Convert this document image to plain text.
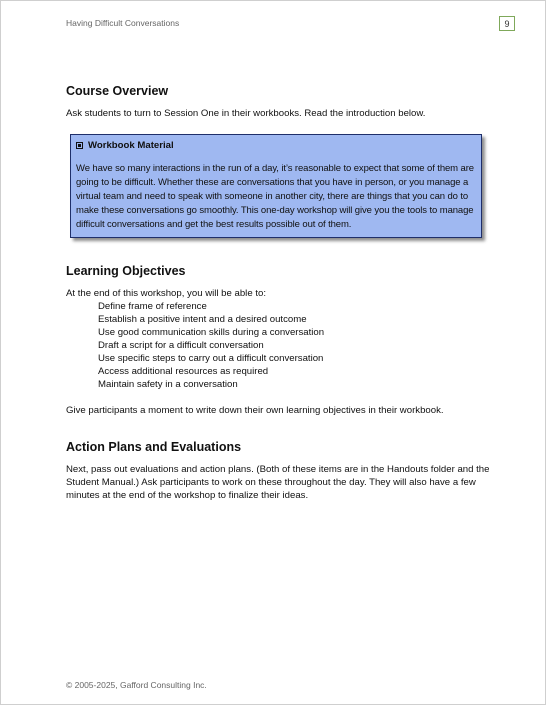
Having Difficult Conversations	9
Course Overview

Ask students to turn to Session One in their workbooks. Read the introduction below.

Workbook Material
We have so many interactions in the run of a day, it’s reasonable to expect that some of them are going to be difficult. Whether these are conversations that you have in person, or you manage a virtual team and need to speak with someone in another city, there are things that you can do to make these conversations go smoothly. This one-day workshop will give you the tools to manage difficult conversations and get the best results possible out of them.
Learning Objectives

At the end of this workshop, you will be able to:

Define frame of reference
Establish a positive intent and a desired outcome
Use good communication skills during a conversation
Draft a script for a difficult conversation
Use specific steps to carry out a difficult conversation
Access additional resources as required
Maintain safety in a conversation

Give participants a moment to write down their own learning objectives in their workbook.

Action Plans and Evaluations

Next, pass out evaluations and action plans. (Both of these items are in the Handouts folder and the Student Manual.) Ask participants to work on these throughout the day. They will also have a few minutes at the end of the workshop to finalize their ideas.

© 2005-2025, Gafford Consulting Inc.
